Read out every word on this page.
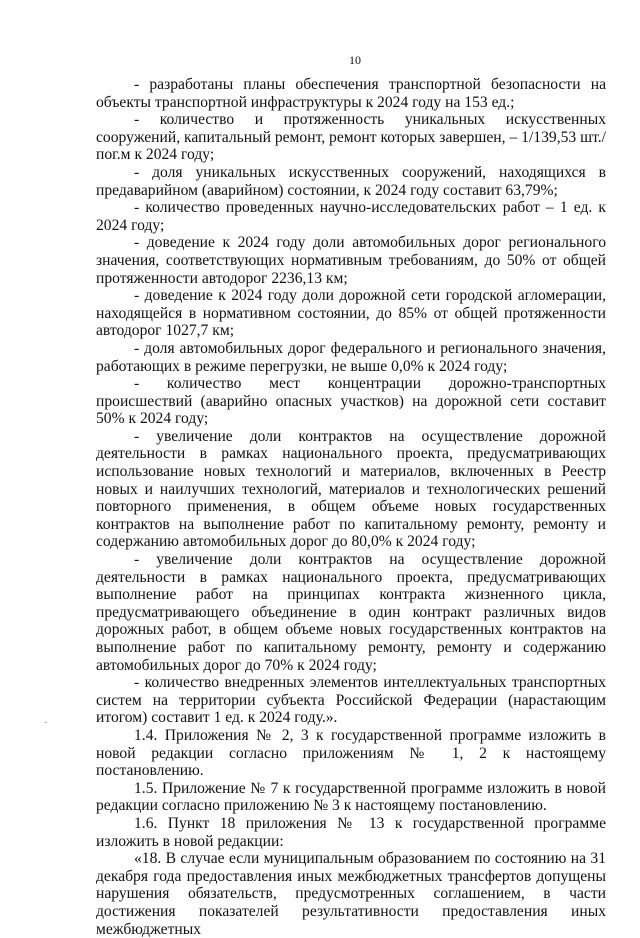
10
-

- разработаны планы обеспечения транспортной безопасности на объекты транспортной инфраструктуры к 2024 году на 153 ед.;

- количество и протяженность уникальных искусственных сооружений, капитальный ремонт, ремонт которых завершен, – 1/139,53 шт./пог.м к 2024 году;

- доля уникальных искусственных сооружений, находящихся в предаварийном (аварийном) состоянии, к 2024 году составит 63,79%;

- количество проведенных научно-исследовательских работ – 1 ед. к 2024 году;

- доведение к 2024 году доли автомобильных дорог регионального значения, соответствующих нормативным требованиям, до 50% от общей протяженности автодорог 2236,13 км;

- доведение к 2024 году доли дорожной сети городской агломерации, находящейся в нормативном состоянии, до 85% от общей протяженности автодорог 1027,7 км;

- доля автомобильных дорог федерального и регионального значения, работающих в режиме перегрузки, не выше 0,0% к 2024 году;

- количество мест концентрации дорожно-транспортных происшествий (аварийно опасных участков) на дорожной сети составит 50% к 2024 году;

- увеличение доли контрактов на осуществление дорожной деятельности в рамках национального проекта, предусматривающих использование новых технологий и материалов, включенных в Реестр новых и наилучших технологий, материалов и технологических решений повторного применения, в общем объеме новых государственных контрактов на выполнение работ по капитальному ремонту, ремонту и содержанию автомобильных дорог до 80,0% к 2024 году;

- увеличение доли контрактов на осуществление дорожной деятельности в рамках национального проекта, предусматривающих выполнение работ на принципах контракта жизненного цикла, предусматривающего объединение в один контракт различных видов дорожных работ, в общем объеме новых государственных контрактов на выполнение работ по капитальному ремонту, ремонту и содержанию автомобильных дорог до 70% к 2024 году;

- количество внедренных элементов интеллектуальных транспортных систем на территории субъекта Российской Федерации (нарастающим итогом) составит 1 ед. к 2024 году.».

1.4. Приложения № 2, 3 к государственной программе изложить в новой редакции согласно приложениям № 1, 2 к настоящему постановлению.

1.5. Приложение № 7 к государственной программе изложить в новой редакции согласно приложению № 3 к настоящему постановлению.

1.6. Пункт 18 приложения № 13 к государственной программе изложить в новой редакции:

«18. В случае если муниципальным образованием по состоянию на 31 декабря года предоставления иных межбюджетных трансфертов допущены нарушения обязательств, предусмотренных соглашением, в части достижения показателей результативности предоставления иных межбюджетных
